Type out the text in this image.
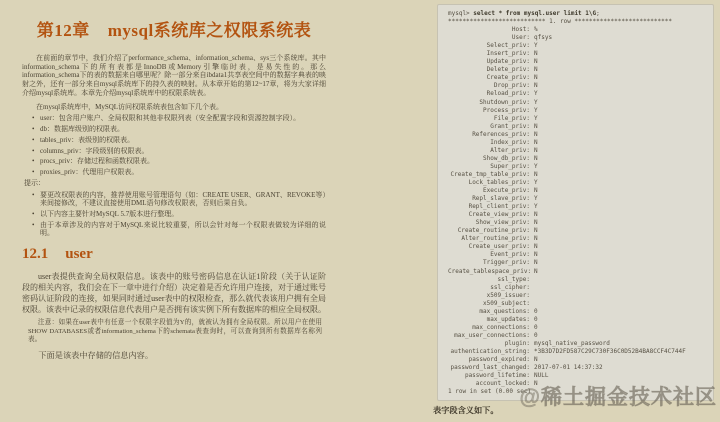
第12章 mysql系统库之权限系统表

在前面的章节中，我们介绍了performance_schema、information_schema、sys三个系统库。其中information_schema下的所有表都是InnoDB或Memory引擎临时表，是易失性的。那么information_schema下的表的数据来自哪里呢？除一部分来自ibdata1共享表空间中的数据字典表的映射之外，还有一部分来自mysql系统库下的持久表的映射。从本章开始的第12~17章，将为大家详细介绍mysql系统库。本章先介绍mysql系统库中的权限系统表。

在mysql系统库中，MySQL访问权限系统表包含如下几个表。

• user：包含用户账户、全局权限和其他非权限列表（安全配置字段和资源控制字段）。
• db：数据库级别的权限表。
• tables_priv：表级别的权限表。
• columns_priv：字段级别的权限表。
• procs_priv：存储过程和函数权限表。
• proxies_priv：代理用户权限表。

提示：

• 要更改权限表的内容，推荐使用账号管理语句（如：CREATE USER、GRANT、REVOKE等）来间接修改，不建议直接使用DML语句修改权限表，否则后果自负。
• 以下内容主要针对MySQL 5.7版本进行整理。
• 由于本章涉及的内容对于MySQL来说比较重要，所以会针对每一个权限表做较为详细的说明。
12.1 user

user表提供查询全局权限信息。该表中的账号密码信息在认证1阶段（关于认证阶段的相关内容，我们会在下一章中进行介绍）决定着是否允许用户连接，对于通过账号密码认证阶段的连接，如果同时通过user表中的权限检查，那么就代表该用户拥有全局权限。该表中记录的权限信息代表用户是否拥有该实例下所有数据库的相应全局权限。

注意：如果在user表中有任意一个权限字段值为Y的，就被认为拥有全局权限。所以用户在使用SHOW DATABASES或者information_schema下的schemata表查询时，可以查询到所有数据库名称列表。

下面是该表中存储的信息内容。

mysql> select * from mysql.user limit 1\G;
*************************** 1. row ***************************
Host : %
User : qfsys
Select_priv : Y
Insert_priv : N
Update_priv : N
Delete_priv : N
Create_priv : N
Drop_priv : N
Reload_priv : Y
Shutdown_priv : Y
Process_priv : Y
File_priv : Y
Grant_priv : N
References_priv : N
Index_priv : N
Alter_priv : N
Show_db_priv : N
Super_priv : Y
Create_tmp_table_priv : N
Lock_tables_priv : Y
Execute_priv : N
Repl_slave_priv : Y
Repl_client_priv : Y
Create_view_priv : N
Show_view_priv : N
Create_routine_priv : N
Alter_routine_priv : N
Create_user_priv : N
Event_priv : N
Trigger_priv : N
Create_tablespace_priv : N
ssl_type :
ssl_cipher :
x509_issuer :
x509_subject :
max_questions : 0
max_updates : 0
max_connections : 0
max_user_connections : 0
plugin : mysql_native_password
authentication_string : *3B3D7D2FD587C29C730F36C0D52B4BA8CCF4C744F
password_expired : N
password_last_changed : 2017-07-01 14:37:32
password_lifetime : NULL
account_locked : N
1 row in set (0.00 sec)
表字段含义如下。
@稀土掘金技术社区
